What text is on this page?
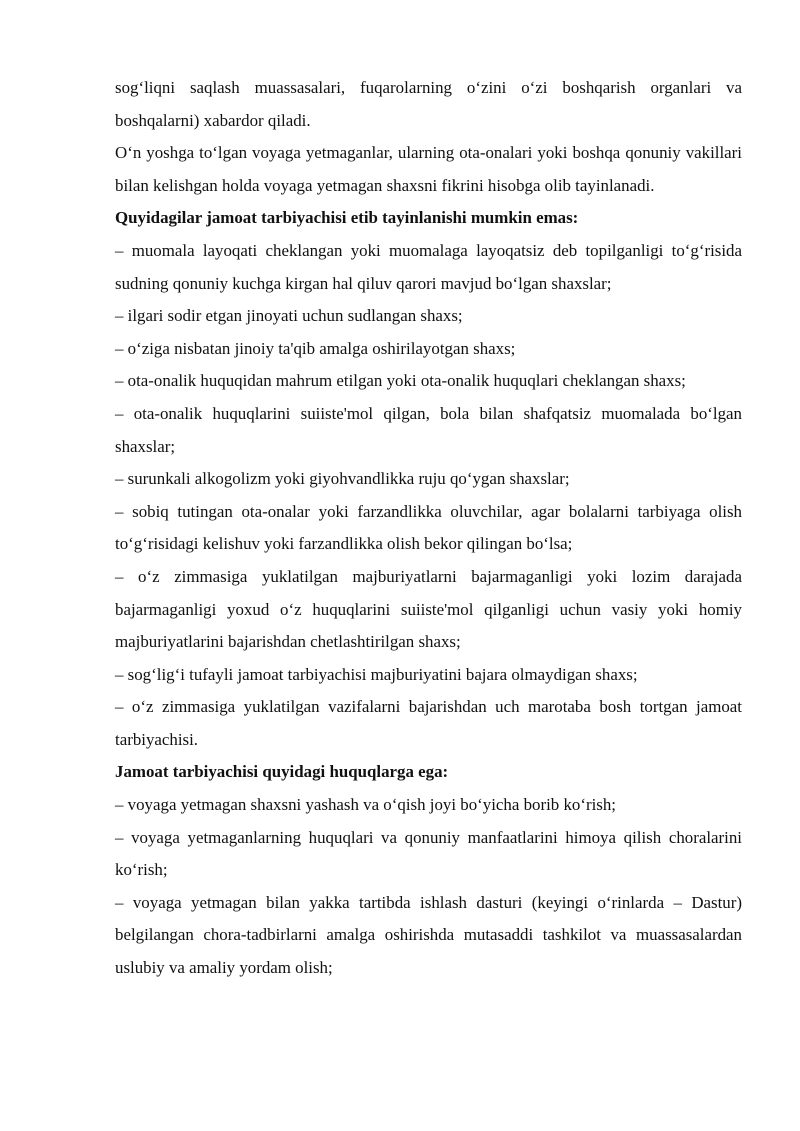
sog‘liqni saqlash muassasalari, fuqarolarning o‘zini o‘zi boshqarish organlari va boshqalarni) xabardor qiladi.

O‘n yoshga to‘lgan voyaga yetmaganlar, ularning ota-onalari yoki boshqa qonuniy vakillari bilan kelishgan holda voyaga yetmagan shaxsni fikrini hisobga olib tayinlanadi.

Quyidagilar jamoat tarbiyachisi etib tayinlanishi mumkin emas:

– muomala layoqati cheklangan yoki muomalaga layoqatsiz deb topilganligi to‘g‘risida sudning qonuniy kuchga kirgan hal qiluv qarori mavjud bo‘lgan shaxslar;

– ilgari sodir etgan jinoyati uchun sudlangan shaxs;

– o‘ziga nisbatan jinoiy ta'qib amalga oshirilayotgan shaxs;

– ota-onalik huquqidan mahrum etilgan yoki ota-onalik huquqlari cheklangan shaxs;

– ota-onalik huquqlarini suiiste'mol qilgan, bola bilan shafqatsiz muomalada bo‘lgan shaxslar;

– surunkali alkogolizm yoki giyohvandlikka ruju qo‘ygan shaxslar;

– sobiq tutingan ota-onalar yoki farzandlikka oluvchilar, agar bolalarni tarbiyaga olish to‘g‘risidagi kelishuv yoki farzandlikka olish bekor qilingan bo‘lsa;

– o‘z zimmasiga yuklatilgan majburiyatlarni bajarmaganligi yoki lozim darajada bajarmaganligi yoxud o‘z huquqlarini suiiste'mol qilganligi uchun vasiy yoki homiy majburiyatlarini bajarishdan chetlashtirilgan shaxs;

– sog‘lig‘i tufayli jamoat tarbiyachisi majburiyatini bajara olmaydigan shaxs;

– o‘z zimmasiga yuklatilgan vazifalarni bajarishdan uch marotaba bosh tortgan jamoat tarbiyachisi.

Jamoat tarbiyachisi quyidagi huquqlarga ega:

– voyaga yetmagan shaxsni yashash va o‘qish joyi bo‘yicha borib ko‘rish;

– voyaga yetmaganlarning huquqlari va qonuniy manfaatlarini himoya qilish choralarini ko‘rish;

– voyaga yetmagan bilan yakka tartibda ishlash dasturi (keyingi o‘rinlarda – Dastur) belgilangan chora-tadbirlarni amalga oshirishda mutasaddi tashkilot va muassasalardan uslubiy va amaliy yordam olish;
